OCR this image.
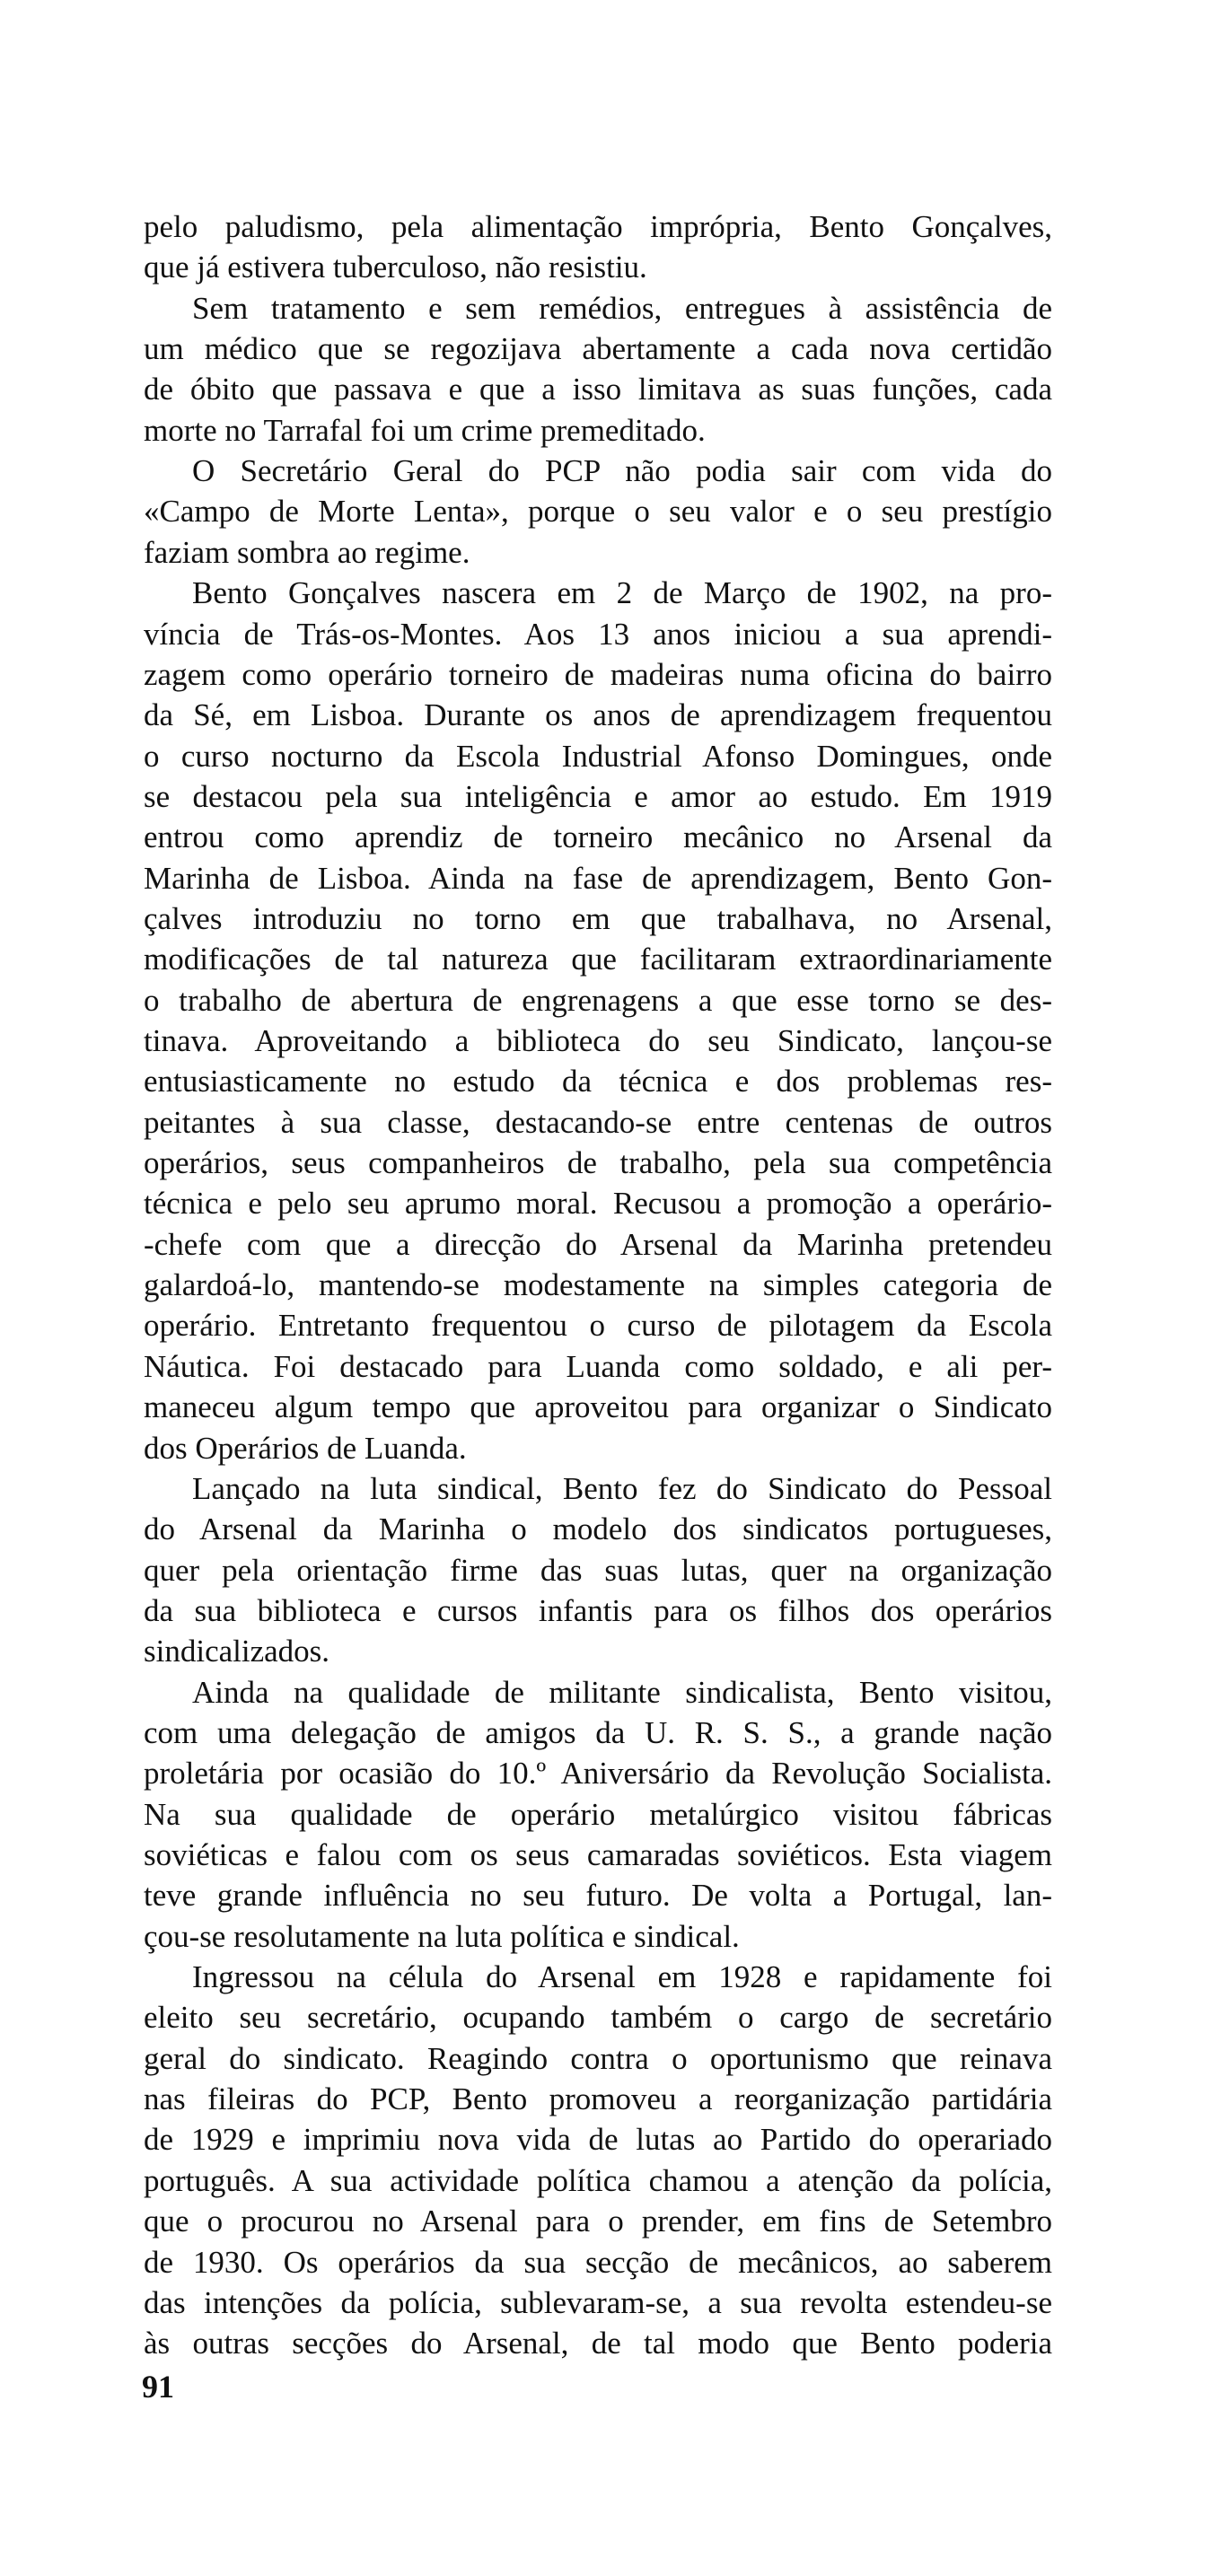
pelo paludismo, pela alimentação imprópria, Bento Gonçalves,
que já estivera tuberculoso, não resistiu.
Sem tratamento e sem remédios, entregues à assistência de
um médico que se regozijava abertamente a cada nova certidão
de óbito que passava e que a isso limitava as suas funções, cada
morte no Tarrafal foi um crime premeditado.
O Secretário Geral do PCP não podia sair com vida do
«Campo de Morte Lenta», porque o seu valor e o seu prestígio
faziam sombra ao regime.
Bento Gonçalves nascera em 2 de Março de 1902, na pro-
víncia de Trás-os-Montes. Aos 13 anos iniciou a sua aprendi-
zagem como operário torneiro de madeiras numa oficina do bairro
da Sé, em Lisboa. Durante os anos de aprendizagem frequentou
o curso nocturno da Escola Industrial Afonso Domingues, onde
se destacou pela sua inteligência e amor ao estudo. Em 1919
entrou como aprendiz de torneiro mecânico no Arsenal da
Marinha de Lisboa. Ainda na fase de aprendizagem, Bento Gon-
çalves introduziu no torno em que trabalhava, no Arsenal,
modificações de tal natureza que facilitaram extraordinariamente
o trabalho de abertura de engrenagens a que esse torno se des-
tinava. Aproveitando a biblioteca do seu Sindicato, lançou-se
entusiasticamente no estudo da técnica e dos problemas res-
peitantes à sua classe, destacando-se entre centenas de outros
operários, seus companheiros de trabalho, pela sua competência
técnica e pelo seu aprumo moral. Recusou a promoção a operário-
-chefe com que a direcção do Arsenal da Marinha pretendeu
galardoá-lo, mantendo-se modestamente na simples categoria de
operário. Entretanto frequentou o curso de pilotagem da Escola
Náutica. Foi destacado para Luanda como soldado, e ali per-
maneceu algum tempo que aproveitou para organizar o Sindicato
dos Operários de Luanda.
Lançado na luta sindical, Bento fez do Sindicato do Pessoal
do Arsenal da Marinha o modelo dos sindicatos portugueses,
quer pela orientação firme das suas lutas, quer na organização
da sua biblioteca e cursos infantis para os filhos dos operários
sindicalizados.
Ainda na qualidade de militante sindicalista, Bento visitou,
com uma delegação de amigos da U. R. S. S., a grande nação
proletária por ocasião do 10.º Aniversário da Revolução Socialista.
Na sua qualidade de operário metalúrgico visitou fábricas
soviéticas e falou com os seus camaradas soviéticos. Esta viagem
teve grande influência no seu futuro. De volta a Portugal, lan-
çou-se resolutamente na luta política e sindical.
Ingressou na célula do Arsenal em 1928 e rapidamente foi
eleito seu secretário, ocupando também o cargo de secretário
geral do sindicato. Reagindo contra o oportunismo que reinava
nas fileiras do PCP, Bento promoveu a reorganização partidária
de 1929 e imprimiu nova vida de lutas ao Partido do operariado
português. A sua actividade política chamou a atenção da polícia,
que o procurou no Arsenal para o prender, em fins de Setembro
de 1930. Os operários da sua secção de mecânicos, ao saberem
das intenções da polícia, sublevaram-se, a sua revolta estendeu-se
às outras secções do Arsenal, de tal modo que Bento poderia
91
